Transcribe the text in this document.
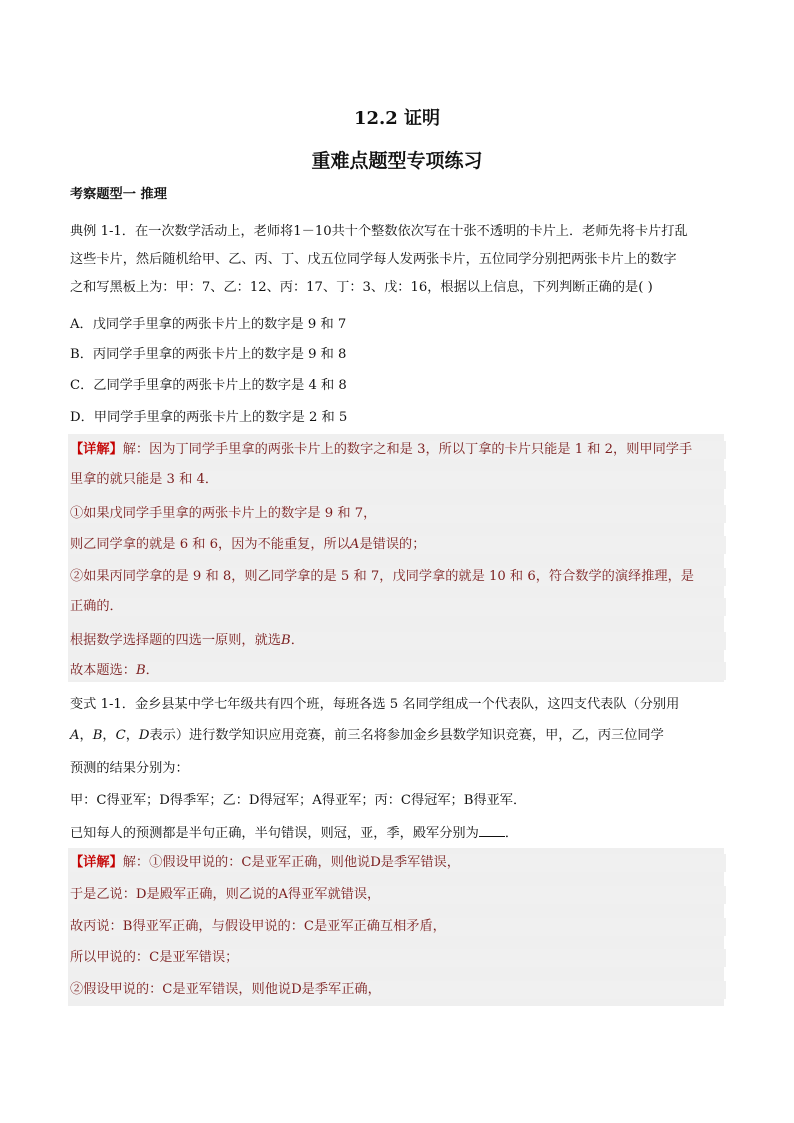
12.2 证明
重难点题型专项练习
考察题型一 推理
典例 1-1．在一次数学活动上，老师将1－10共十个整数依次写在十张不透明的卡片上．老师先将卡片打乱
这些卡片，然后随机给甲、乙、丙、丁、戊五位同学每人发两张卡片，五位同学分别把两张卡片上的数字
之和写黑板上为：甲：7、乙：12、丙：17、丁：3、戊：16，根据以上信息，下列判断正确的是( )
A．戊同学手里拿的两张卡片上的数字是 9 和 7
B．丙同学手里拿的两张卡片上的数字是 9 和 8
C．乙同学手里拿的两张卡片上的数字是 4 和 8
D．甲同学手里拿的两张卡片上的数字是 2 和 5
【详解】解：因为丁同学手里拿的两张卡片上的数字之和是 3，所以丁拿的卡片只能是 1 和 2，则甲同学手
里拿的就只能是 3 和 4．
①如果戊同学手里拿的两张卡片上的数字是 9 和 7，
则乙同学拿的就是 6 和 6，因为不能重复，所以A是错误的；
②如果丙同学拿的是 9 和 8，则乙同学拿的是 5 和 7，戊同学拿的就是 10 和 6，符合数学的演绎推理，是
正确的．
根据数学选择题的四选一原则，就选B．
故本题选：B．
变式 1-1．金乡县某中学七年级共有四个班，每班各选 5 名同学组成一个代表队，这四支代表队（分别用
A，B，C，D表示）进行数学知识应用竞赛，前三名将参加金乡县数学知识竞赛，甲，乙，丙三位同学
预测的结果分别为：
甲：C得亚军；D得季军；乙：D得冠军；A得亚军；丙：C得冠军；B得亚军．
已知每人的预测都是半句正确，半句错误，则冠，亚，季，殿军分别为 ．
【详解】解：①假设甲说的：C是亚军正确，则他说D是季军错误，
于是乙说：D是殿军正确，则乙说的A得亚军就错误，
故丙说：B得亚军正确，与假设甲说的：C是亚军正确互相矛盾，
所以甲说的：C是亚军错误；
②假设甲说的：C是亚军错误，则他说D是季军正确，
